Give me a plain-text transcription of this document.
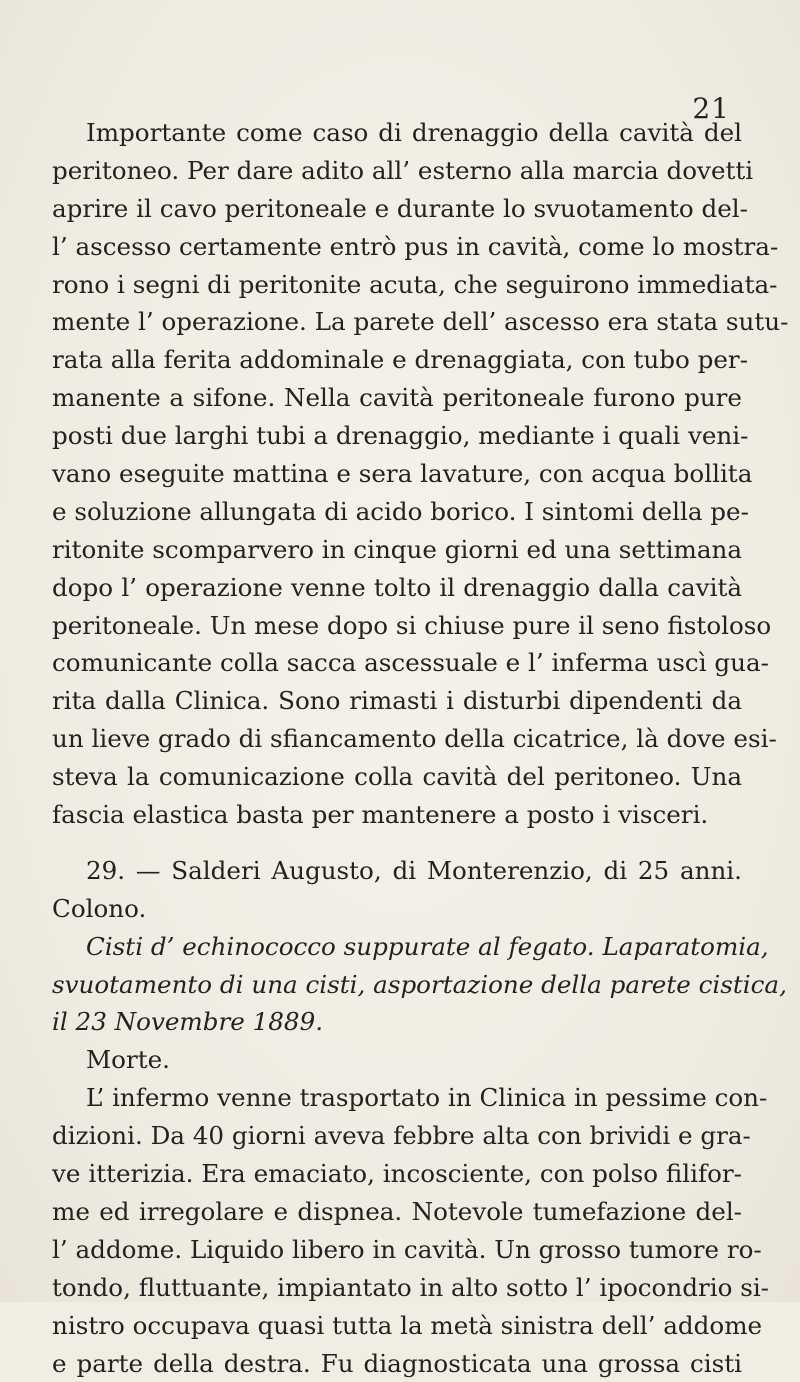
21
Importante come caso di drenaggio della cavità del
peritoneo. Per dare adito all’ esterno alla marcia dovetti
aprire il cavo peritoneale e durante lo svuotamento del-
l’ ascesso certamente entrò pus in cavità, come lo mostra-
rono i segni di peritonite acuta, che seguirono immediata-
mente l’ operazione. La parete dell’ ascesso era stata sutu-
rata alla ferita addominale e drenaggiata, con tubo per-
manente a sifone. Nella cavità peritoneale furono pure
posti due larghi tubi a drenaggio, mediante i quali veni-
vano eseguite mattina e sera lavature, con acqua bollita
e soluzione allungata di acido borico. I sintomi della pe-
ritonite scomparvero in cinque giorni ed una settimana
dopo l’ operazione venne tolto il drenaggio dalla cavità
peritoneale. Un mese dopo si chiuse pure il seno fistoloso
comunicante colla sacca ascessuale e l’ inferma uscì gua-
rita dalla Clinica. Sono rimasti i disturbi dipendenti da
un lieve grado di sfiancamento della cicatrice, là dove esi-
steva la comunicazione colla cavità del peritoneo. Una
fascia elastica basta per mantenere a posto i visceri.
29. — Salderi Augusto, di Monterenzio, di 25 anni.
Colono.
Cisti d’ echinococco suppurate al fegato. Laparatomia,
svuotamento di una cisti, asportazione della parete cistica,
il 23 Novembre 1889.
Morte.
L’ infermo venne trasportato in Clinica in pessime con-
dizioni. Da 40 giorni aveva febbre alta con brividi e gra-
ve itterizia. Era emaciato, incosciente, con polso filifor-
me ed irregolare e dispnea. Notevole tumefazione del-
l’ addome. Liquido libero in cavità. Un grosso tumore ro-
tondo, fluttuante, impiantato in alto sotto l’ ipocondrio si-
nistro occupava quasi tutta la metà sinistra dell’ addome
e parte della destra. Fu diagnosticata una grossa cisti
